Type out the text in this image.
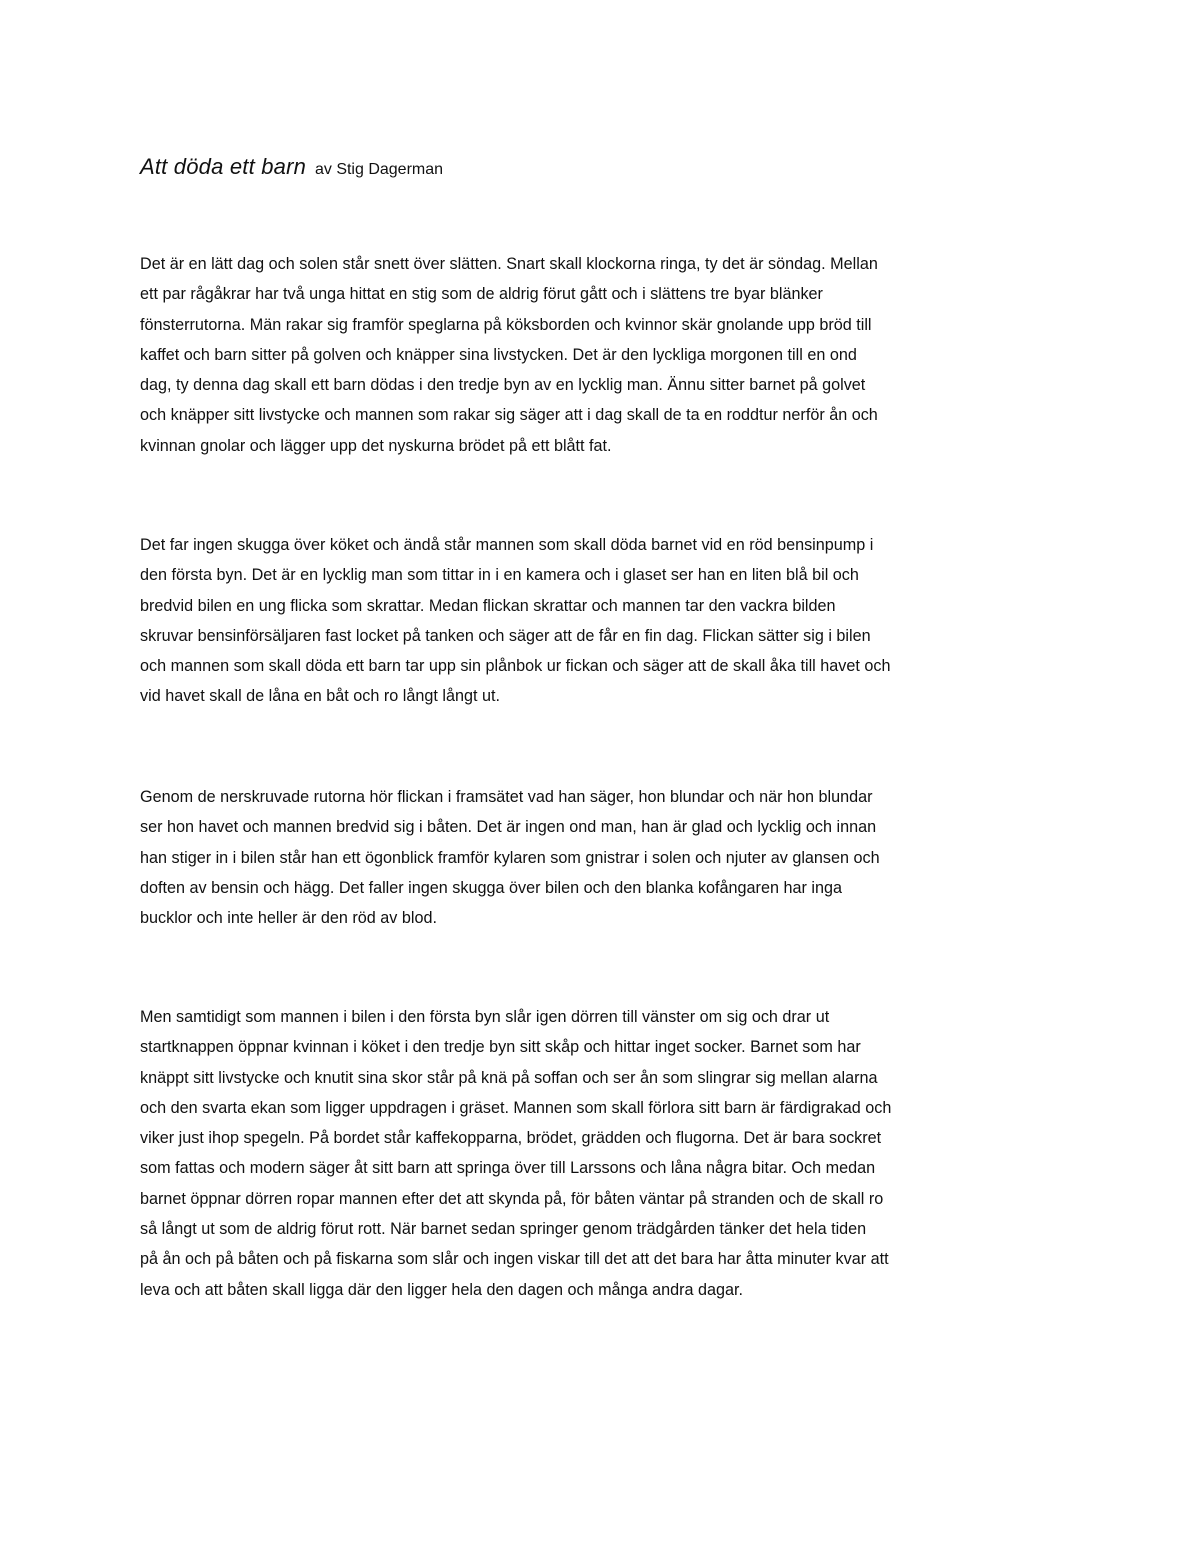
Att döda ett barn av Stig Dagerman

Det är en lätt dag och solen står snett över slätten. Snart skall klockorna ringa, ty det är söndag. Mellan
ett par rågåkrar har två unga hittat en stig som de aldrig förut gått och i slättens tre byar blänker
fönsterrutorna. Män rakar sig framför speglarna på köksborden och kvinnor skär gnolande upp bröd till
kaffet och barn sitter på golven och knäpper sina livstycken. Det är den lyckliga morgonen till en ond
dag, ty denna dag skall ett barn dödas i den tredje byn av en lycklig man. Ännu sitter barnet på golvet
och knäpper sitt livstycke och mannen som rakar sig säger att i dag skall de ta en roddtur nerför ån och
kvinnan gnolar och lägger upp det nyskurna brödet på ett blått fat.

Det far ingen skugga över köket och ändå står mannen som skall döda barnet vid en röd bensinpump i
den första byn. Det är en lycklig man som tittar in i en kamera och i glaset ser han en liten blå bil och
bredvid bilen en ung flicka som skrattar. Medan flickan skrattar och mannen tar den vackra bilden
skruvar bensinförsäljaren fast locket på tanken och säger att de får en fin dag. Flickan sätter sig i bilen
och mannen som skall döda ett barn tar upp sin plånbok ur fickan och säger att de skall åka till havet och
vid havet skall de låna en båt och ro långt långt ut.

Genom de nerskruvade rutorna hör flickan i framsätet vad han säger, hon blundar och när hon blundar
ser hon havet och mannen bredvid sig i båten. Det är ingen ond man, han är glad och lycklig och innan
han stiger in i bilen står han ett ögonblick framför kylaren som gnistrar i solen och njuter av glansen och
doften av bensin och hägg. Det faller ingen skugga över bilen och den blanka kofångaren har inga
bucklor och inte heller är den röd av blod.

Men samtidigt som mannen i bilen i den första byn slår igen dörren till vänster om sig och drar ut
startknappen öppnar kvinnan i köket i den tredje byn sitt skåp och hittar inget socker. Barnet som har
knäppt sitt livstycke och knutit sina skor står på knä på soffan och ser ån som slingrar sig mellan alarna
och den svarta ekan som ligger uppdragen i gräset. Mannen som skall förlora sitt barn är färdigrakad och
viker just ihop spegeln. På bordet står kaffekopparna, brödet, grädden och flugorna. Det är bara sockret
som fattas och modern säger åt sitt barn att springa över till Larssons och låna några bitar. Och medan
barnet öppnar dörren ropar mannen efter det att skynda på, för båten väntar på stranden och de skall ro
så långt ut som de aldrig förut rott. När barnet sedan springer genom trädgården tänker det hela tiden
på ån och på båten och på fiskarna som slår och ingen viskar till det att det bara har åtta minuter kvar att
leva och att båten skall ligga där den ligger hela den dagen och många andra dagar.
